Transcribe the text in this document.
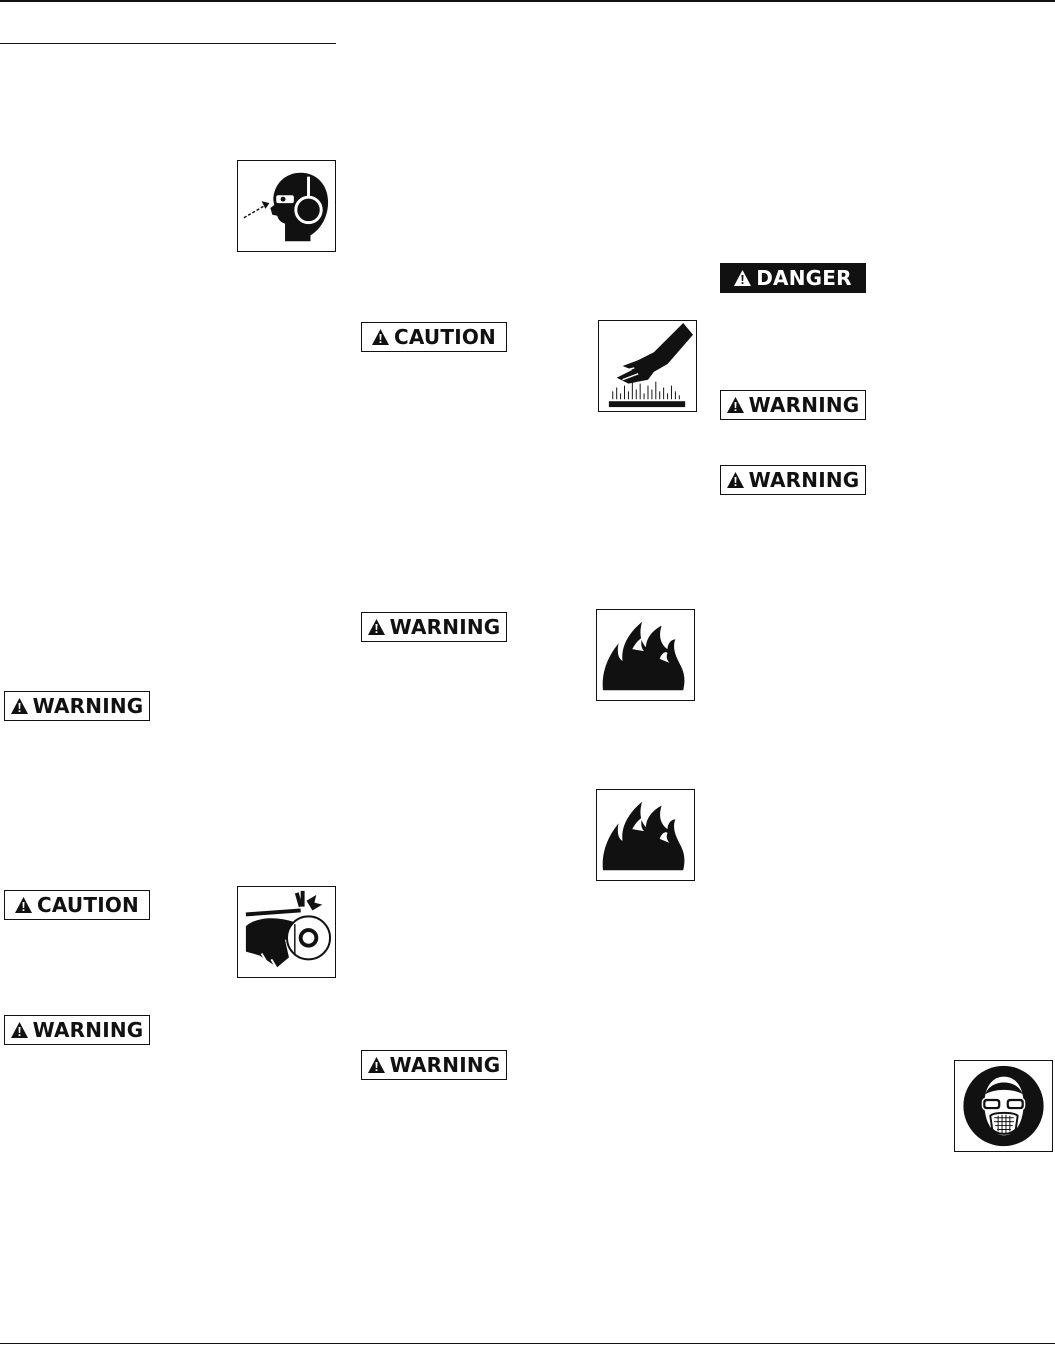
WARNING
CAUTION
WARNING
CAUTION
WARNING
WARNING
DANGER
WARNING
WARNING
